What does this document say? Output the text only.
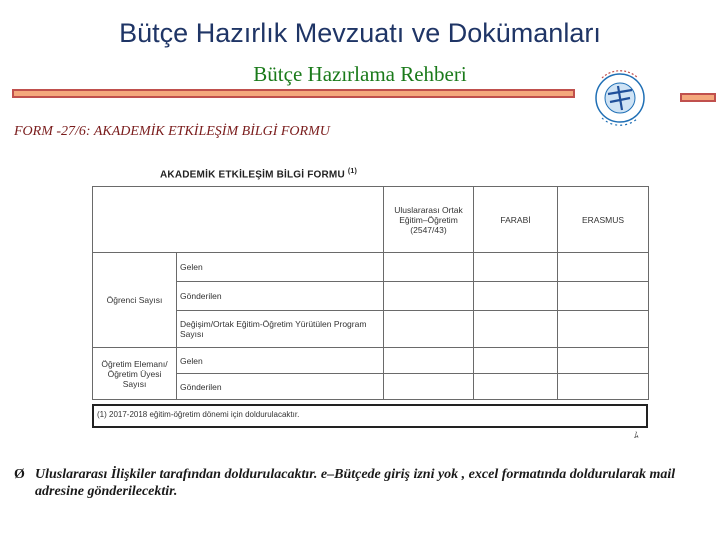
Bütçe Hazırlık Mevzuatı ve Dokümanları
Bütçe Hazırlama Rehberi
FORM -27/6: AKADEMİK ETKİLEŞİM BİLGİ FORMU
AKADEMİK ETKİLEŞİM BİLGİ FORMU $^{(1)}$
		Uluslararası Ortak Eğitim–Öğretim (2547/43)	FARABİ	ERASMUS
Öğrenci Sayısı	Gelen			
	Gönderilen			
	Değişim/Ortak Eğitim-Öğretim Yürütülen Program Sayısı			
Öğretim Elemanı/ Öğretim Üyesi Sayısı	Gelen			
	Gönderilen			
(1) 2017-2018 eğitim-öğretim dönemi için doldurulacaktır.
ﾑ
Ø Uluslararası İlişkiler tarafından doldurulacaktır. e–Bütçede giriş izni yok , excel formatında doldurularak mail adresine gönderilecektir.
